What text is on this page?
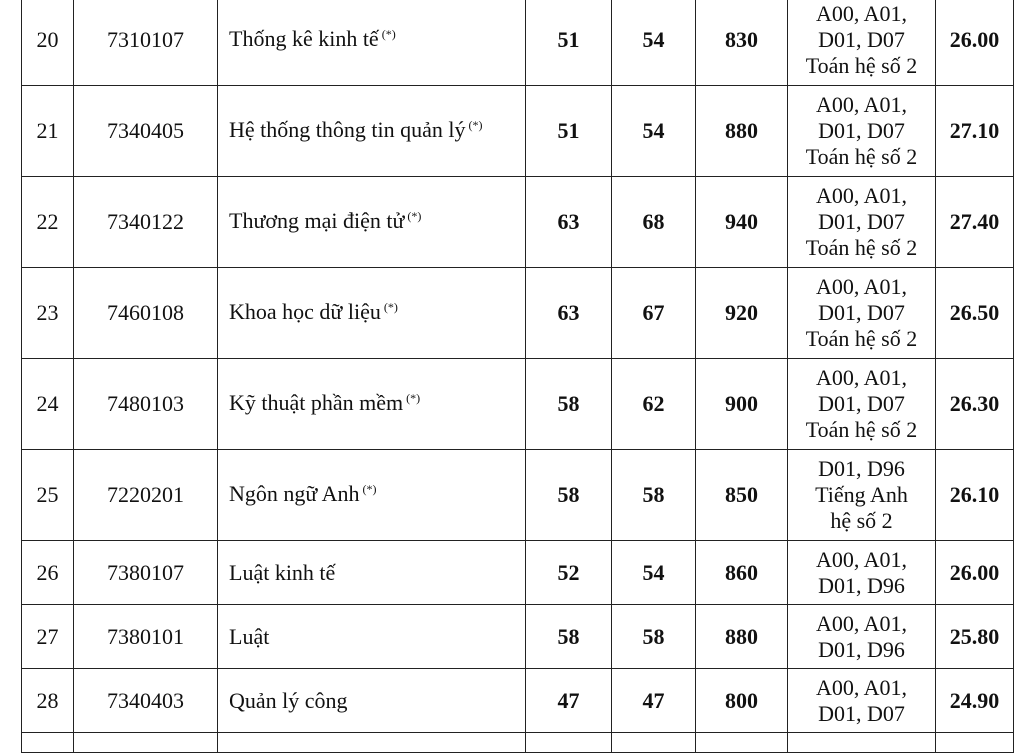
20	7310107	Thống kê kinh tế (*)	51	54	830	A00, A01,
D01, D07
Toán hệ số 2	26.00
21	7340405	Hệ thống thông tin quản lý (*)	51	54	880	A00, A01,
D01, D07
Toán hệ số 2	27.10
22	7340122	Thương mại điện tử (*)	63	68	940	A00, A01,
D01, D07
Toán hệ số 2	27.40
23	7460108	Khoa học dữ liệu (*)	63	67	920	A00, A01,
D01, D07
Toán hệ số 2	26.50
24	7480103	Kỹ thuật phần mềm (*)	58	62	900	A00, A01,
D01, D07
Toán hệ số 2	26.30
25	7220201	Ngôn ngữ Anh (*)	58	58	850	D01, D96
Tiếng Anh
hệ số 2	26.10
26	7380107	Luật kinh tế	52	54	860	A00, A01,
D01, D96	26.00
27	7380101	Luật	58	58	880	A00, A01,
D01, D96	25.80
28	7340403	Quản lý công	47	47	800	A00, A01,
D01, D07	24.90
